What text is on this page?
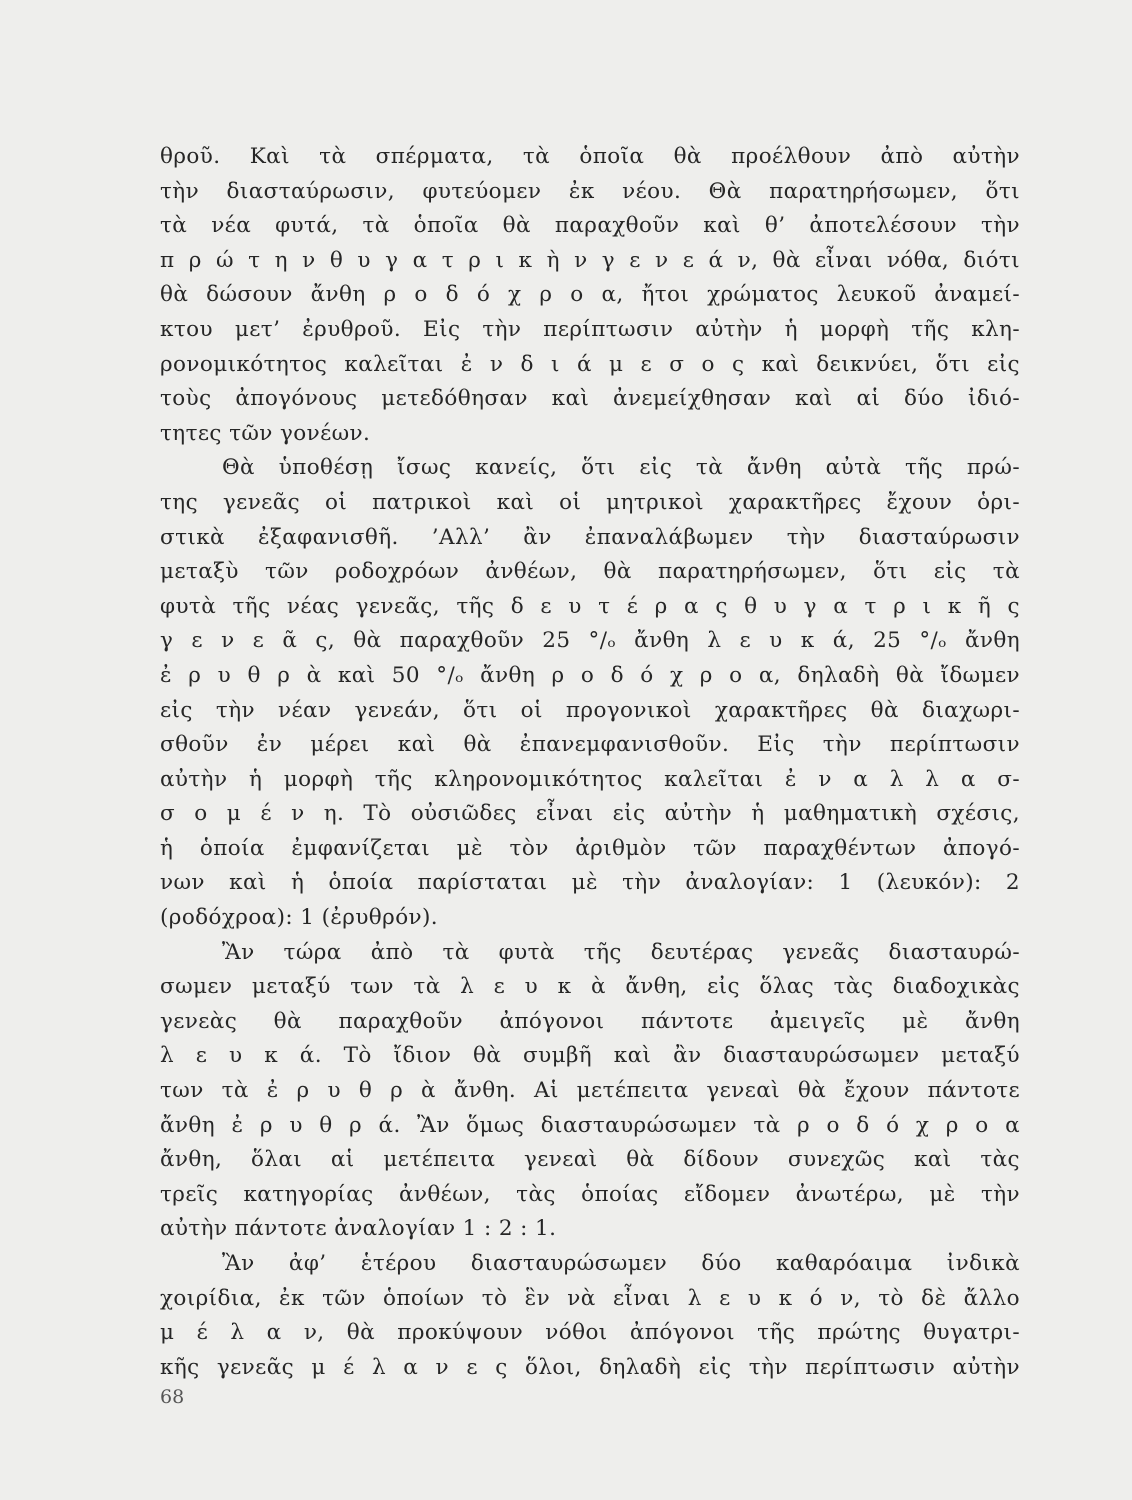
θροῦ. Καὶ τὰ σπέρματα, τὰ ὁποῖα θὰ προέλθουν ἀπὸ αὐτὴν
τὴν διασταύρωσιν, φυτεύομεν ἐκ νέου. Θὰ παρατηρήσωμεν, ὅτι
τὰ νέα φυτά, τὰ ὁποῖα θὰ παραχθοῦν καὶ θ’ ἀποτελέσουν τὴν
π ρ ώ τ η ν θ υ γ α τ ρ ι κ ὴ ν γ ε ν ε ά ν, θὰ εἶναι νόθα, διότι
θὰ δώσουν ἄνθη ρ ο δ ό χ ρ ο α, ἤτοι χρώματος λευκοῦ ἀναμεί-
κτου μετ’ ἐρυθροῦ. Εἰς τὴν περίπτωσιν αὐτὴν ἡ μορφὴ τῆς κλη-
ρονομικότητος καλεῖται ἐ ν δ ι ά μ ε σ ο ς καὶ δεικνύει, ὅτι εἰς
τοὺς ἀπογόνους μετεδόθησαν καὶ ἀνεμείχθησαν καὶ αἱ δύο ἰδιό-
τητες τῶν γονέων.
Θὰ ὑποθέσῃ ἴσως κανείς, ὅτι εἰς τὰ ἄνθη αὐτὰ τῆς πρώ-
της γενεᾶς οἱ πατρικοὶ καὶ οἱ μητρικοὶ χαρακτῆρες ἔχουν ὁρι-
στικὰ ἐξαφανισθῆ. ’Αλλ’ ἂν ἐπαναλάβωμεν τὴν διασταύρωσιν
μεταξὺ τῶν ροδοχρόων ἀνθέων, θὰ παρατηρήσωμεν, ὅτι εἰς τὰ
φυτὰ τῆς νέας γενεᾶς, τῆς δ ε υ τ έ ρ α ς θ υ γ α τ ρ ι κ ῆ ς
γ ε ν ε ᾶ ς, θὰ παραχθοῦν 25 °/ₒ ἄνθη λ ε υ κ ά, 25 °/ₒ ἄνθη
ἐ ρ υ θ ρ ὰ καὶ 50 °/ₒ ἄνθη ρ ο δ ό χ ρ ο α, δηλαδὴ θὰ ἴδωμεν
εἰς τὴν νέαν γενεάν, ὅτι οἱ προγονικοὶ χαρακτῆρες θὰ διαχωρι-
σθοῦν ἐν μέρει καὶ θὰ ἐπανεμφανισθοῦν. Εἰς τὴν περίπτωσιν
αὐτὴν ἡ μορφὴ τῆς κληρονομικότητος καλεῖται ἐ ν α λ λ α σ-
σ ο μ έ ν η. Τὸ οὐσιῶδες εἶναι εἰς αὐτὴν ἡ μαθηματικὴ σχέσις,
ἡ ὁποία ἐμφανίζεται μὲ τὸν ἀριθμὸν τῶν παραχθέντων ἀπογό-
νων καὶ ἡ ὁποία παρίσταται μὲ τὴν ἀναλογίαν: 1 (λευκόν): 2
(ροδόχροα): 1 (ἐρυθρόν).
Ἂν τώρα ἀπὸ τὰ φυτὰ τῆς δευτέρας γενεᾶς διασταυρώ-
σωμεν μεταξύ των τὰ λ ε υ κ ὰ ἄνθη, εἰς ὅλας τὰς διαδοχικὰς
γενεὰς θὰ παραχθοῦν ἀπόγονοι πάντοτε ἀμειγεῖς μὲ ἄνθη
λ ε υ κ ά. Τὸ ἴδιον θὰ συμβῆ καὶ ἂν διασταυρώσωμεν μεταξύ
των τὰ ἐ ρ υ θ ρ ὰ ἄνθη. Αἱ μετέπειτα γενεαὶ θὰ ἔχουν πάντοτε
ἄνθη ἐ ρ υ θ ρ ά. Ἂν ὅμως διασταυρώσωμεν τὰ ρ ο δ ό χ ρ ο α
ἄνθη, ὅλαι αἱ μετέπειτα γενεαὶ θὰ δίδουν συνεχῶς καὶ τὰς
τρεῖς κατηγορίας ἀνθέων, τὰς ὁποίας εἴδομεν ἀνωτέρω, μὲ τὴν
αὐτὴν πάντοτε ἀναλογίαν 1 : 2 : 1.
Ἂν ἀφ’ ἑτέρου διασταυρώσωμεν δύο καθαρόαιμα ἰνδικὰ
χοιρίδια, ἐκ τῶν ὁποίων τὸ ἓν νὰ εἶναι λ ε υ κ ό ν, τὸ δὲ ἄλλο
μ έ λ α ν, θὰ προκύψουν νόθοι ἀπόγονοι τῆς πρώτης θυγατρι-
κῆς γενεᾶς μ έ λ α ν ε ς ὅλοι, δηλαδὴ εἰς τὴν περίπτωσιν αὐτὴν
68
